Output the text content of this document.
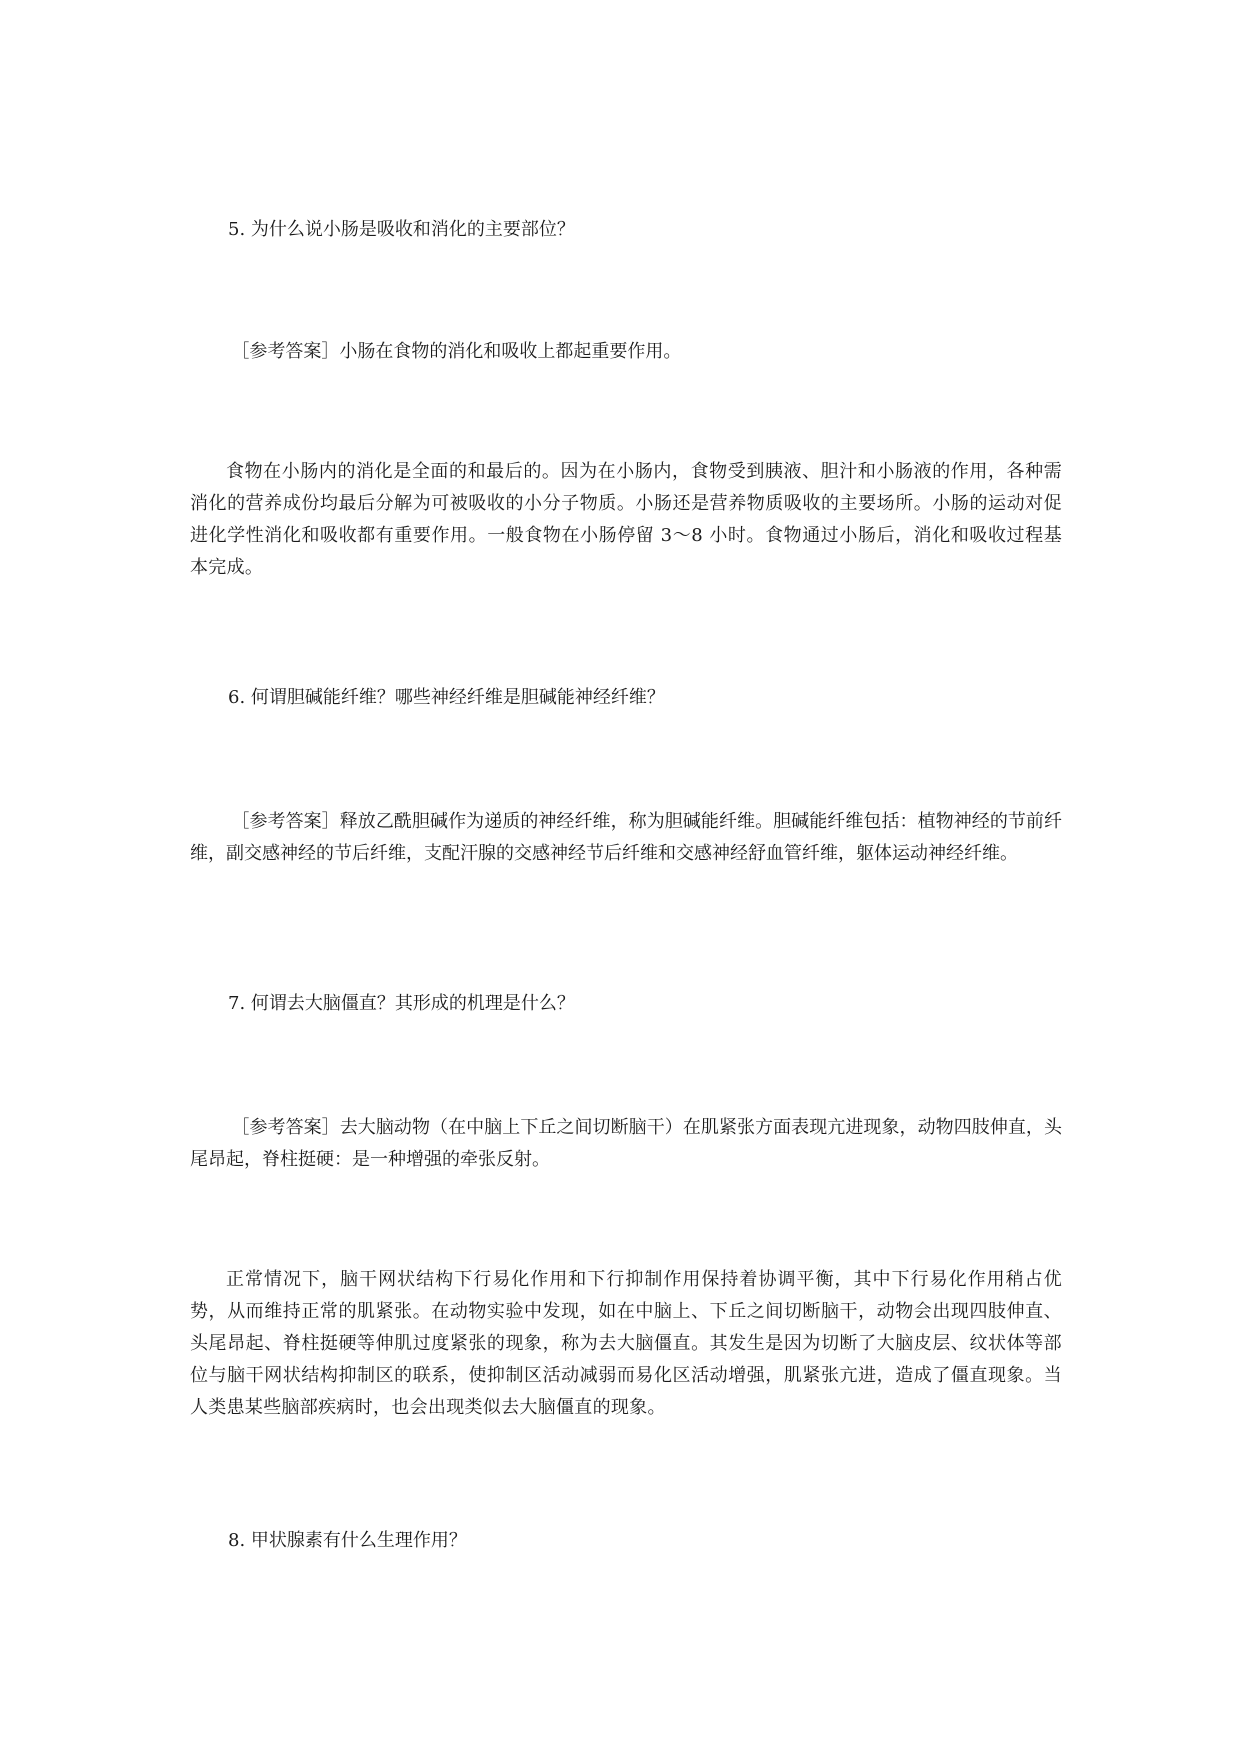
5. 为什么说小肠是吸收和消化的主要部位？
［参考答案］小肠在食物的消化和吸收上都起重要作用。
食物在小肠内的消化是全面的和最后的。因为在小肠内，食物受到胰液、胆汁和小肠液的作用，各种需消化的营养成份均最后分解为可被吸收的小分子物质。小肠还是营养物质吸收的主要场所。小肠的运动对促进化学性消化和吸收都有重要作用。一般食物在小肠停留 3～8 小时。食物通过小肠后，消化和吸收过程基本完成。
6. 何谓胆碱能纤维？哪些神经纤维是胆碱能神经纤维？
［参考答案］释放乙酰胆碱作为递质的神经纤维，称为胆碱能纤维。胆碱能纤维包括：植物神经的节前纤维，副交感神经的节后纤维，支配汗腺的交感神经节后纤维和交感神经舒血管纤维，躯体运动神经纤维。
7. 何谓去大脑僵直？其形成的机理是什么？
［参考答案］去大脑动物（在中脑上下丘之间切断脑干）在肌紧张方面表现亢进现象，动物四肢伸直，头尾昂起，脊柱挺硬：是一种增强的牵张反射。
正常情况下，脑干网状结构下行易化作用和下行抑制作用保持着协调平衡，其中下行易化作用稍占优势，从而维持正常的肌紧张。在动物实验中发现，如在中脑上、下丘之间切断脑干，动物会出现四肢伸直、头尾昂起、脊柱挺硬等伸肌过度紧张的现象，称为去大脑僵直。其发生是因为切断了大脑皮层、纹状体等部位与脑干网状结构抑制区的联系，使抑制区活动减弱而易化区活动增强，肌紧张亢进，造成了僵直现象。当人类患某些脑部疾病时，也会出现类似去大脑僵直的现象。
8. 甲状腺素有什么生理作用？
